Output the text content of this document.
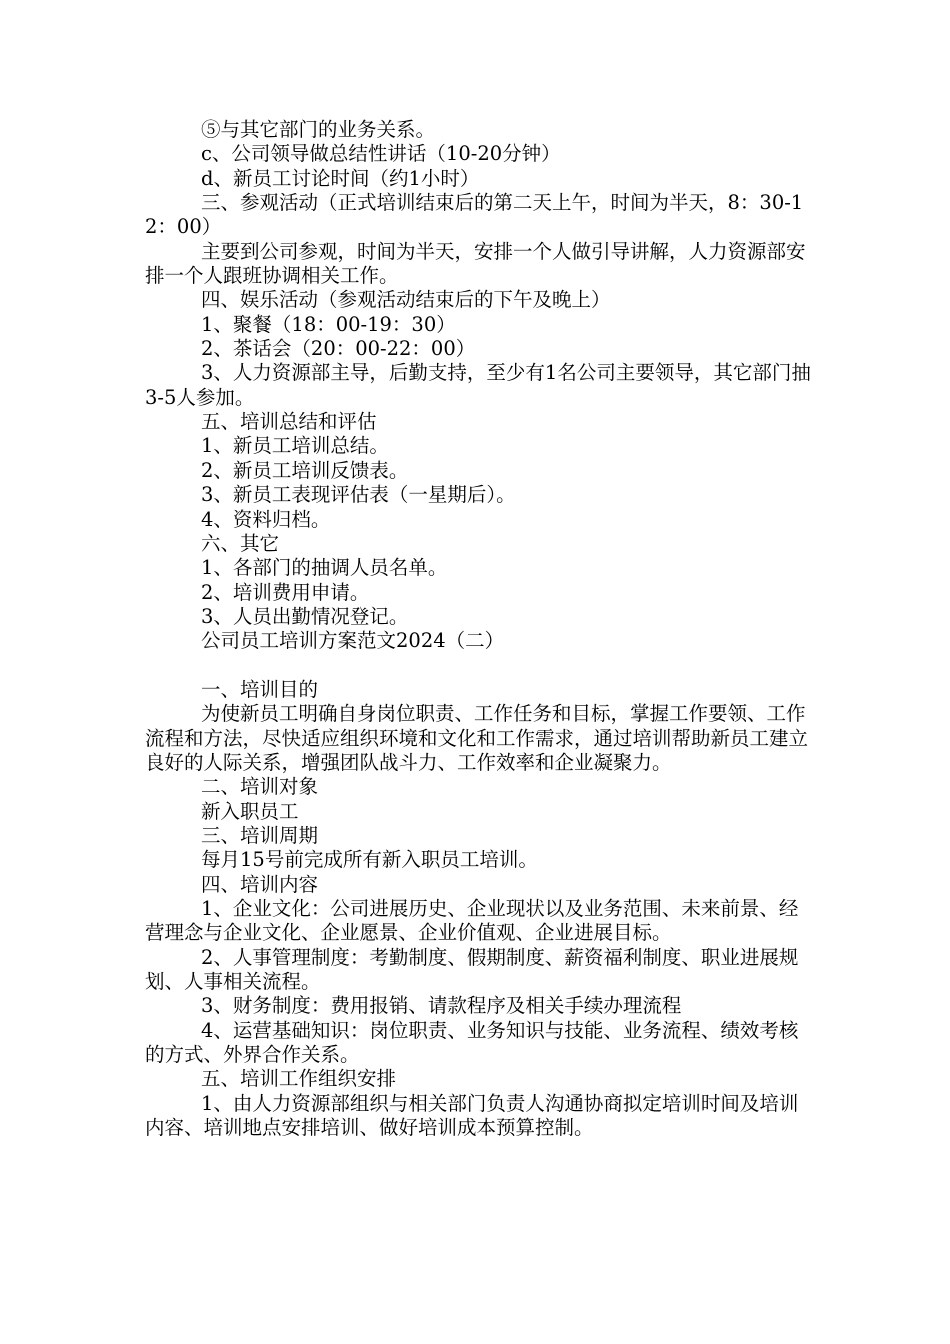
⑤与其它部门的业务关系。

c、公司领导做总结性讲话（10-20分钟）

d、新员工讨论时间（约1小时）

三、参观活动（正式培训结束后的第二天上午，时间为半天，8：30-12：00）

主要到公司参观，时间为半天，安排一个人做引导讲解，人力资源部安排一个人跟班协调相关工作。

四、娱乐活动（参观活动结束后的下午及晚上）

1、聚餐（18：00-19：30）

2、茶话会（20：00-22：00）

3、人力资源部主导，后勤支持，至少有1名公司主要领导，其它部门抽3-5人参加。

五、培训总结和评估

1、新员工培训总结。

2、新员工培训反馈表。

3、新员工表现评估表（一星期后）。

4、资料归档。

六、其它

1、各部门的抽调人员名单。

2、培训费用申请。

3、人员出勤情况登记。

公司员工培训方案范文2024（二）

一、培训目的

为使新员工明确自身岗位职责、工作任务和目标，掌握工作要领、工作流程和方法，尽快适应组织环境和文化和工作需求，通过培训帮助新员工建立良好的人际关系，增强团队战斗力、工作效率和企业凝聚力。

二、培训对象

新入职员工

三、培训周期

每月15号前完成所有新入职员工培训。

四、培训内容

1、企业文化：公司进展历史、企业现状以及业务范围、未来前景、经营理念与企业文化、企业愿景、企业价值观、企业进展目标。

2、人事管理制度：考勤制度、假期制度、薪资福利制度、职业进展规划、人事相关流程。

3、财务制度：费用报销、请款程序及相关手续办理流程

4、运营基础知识：岗位职责、业务知识与技能、业务流程、绩效考核的方式、外界合作关系。

五、培训工作组织安排

1、由人力资源部组织与相关部门负责人沟通协商拟定培训时间及培训内容、培训地点安排培训、做好培训成本预算控制。
